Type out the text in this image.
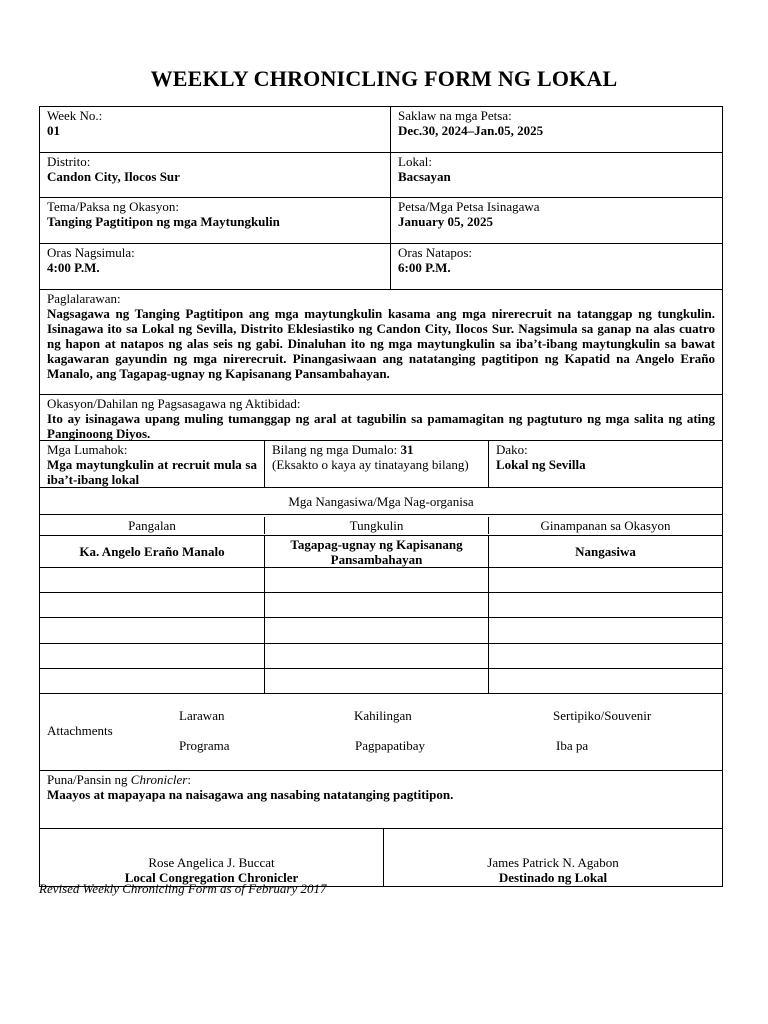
WEEKLY CHRONICLING FORM NG LOKAL
Week No.:
01
Saklaw na mga Petsa:
Dec.30, 2024–Jan.05, 2025
Distrito:
Candon City, Ilocos Sur
Lokal:
Bacsayan
Tema/Paksa ng Okasyon:
Tanging Pagtitipon ng mga Maytungkulin
Petsa/Mga Petsa Isinagawa
January 05, 2025
Oras Nagsimula:
4:00 P.M.
Oras Natapos:
6:00 P.M.
Paglalarawan:
Nagsagawa ng Tanging Pagtitipon ang mga maytungkulin kasama ang mga nirerecruit na tatanggap ng tungkulin. Isinagawa ito sa Lokal ng Sevilla, Distrito Eklesiastiko ng Candon City, Ilocos Sur. Nagsimula sa ganap na alas cuatro ng hapon at natapos ng alas seis ng gabi. Dinaluhan ito ng mga maytungkulin sa iba’t-ibang maytungkulin sa bawat kagawaran gayundin ng mga nirerecruit. Pinangasiwaan ang natatanging pagtitipon ng Kapatid na Angelo Eraño Manalo, ang Tagapag-ugnay ng Kapisanang Pansambahayan.
Okasyon/Dahilan ng Pagsasagawa ng Aktibidad:
Ito ay isinagawa upang muling tumanggap ng aral at tagubilin sa pamamagitan ng pagtuturo ng mga salita ng ating Panginoong Diyos.
Mga Lumahok:
Mga maytungkulin at recruit mula sa iba’t-ibang lokal
Bilang ng mga Dumalo: 31
(Eksakto o kaya ay tinatayang bilang)
Dako:
Lokal ng Sevilla
Mga Nangasiwa/Mga Nag-organisa
Pangalan	Tungkulin	Ginampanan sa Okasyon
Ka. Angelo Eraño Manalo	Tagapag-ugnay ng Kapisanang Pansambahayan	Nangasiwa
Attachments
Larawan	Kahilingan	Sertipiko/Souvenir
Programa	Pagpapatibay	Iba pa
Puna/Pansin ng Chronicler:
Maayos at mapayapa na naisagawa ang nasabing natatanging pagtitipon.
Rose Angelica J. Buccat
Local Congregation Chronicler
James Patrick N. Agabon
Destinado ng Lokal
Revised Weekly Chronicling Form as of February 2017
